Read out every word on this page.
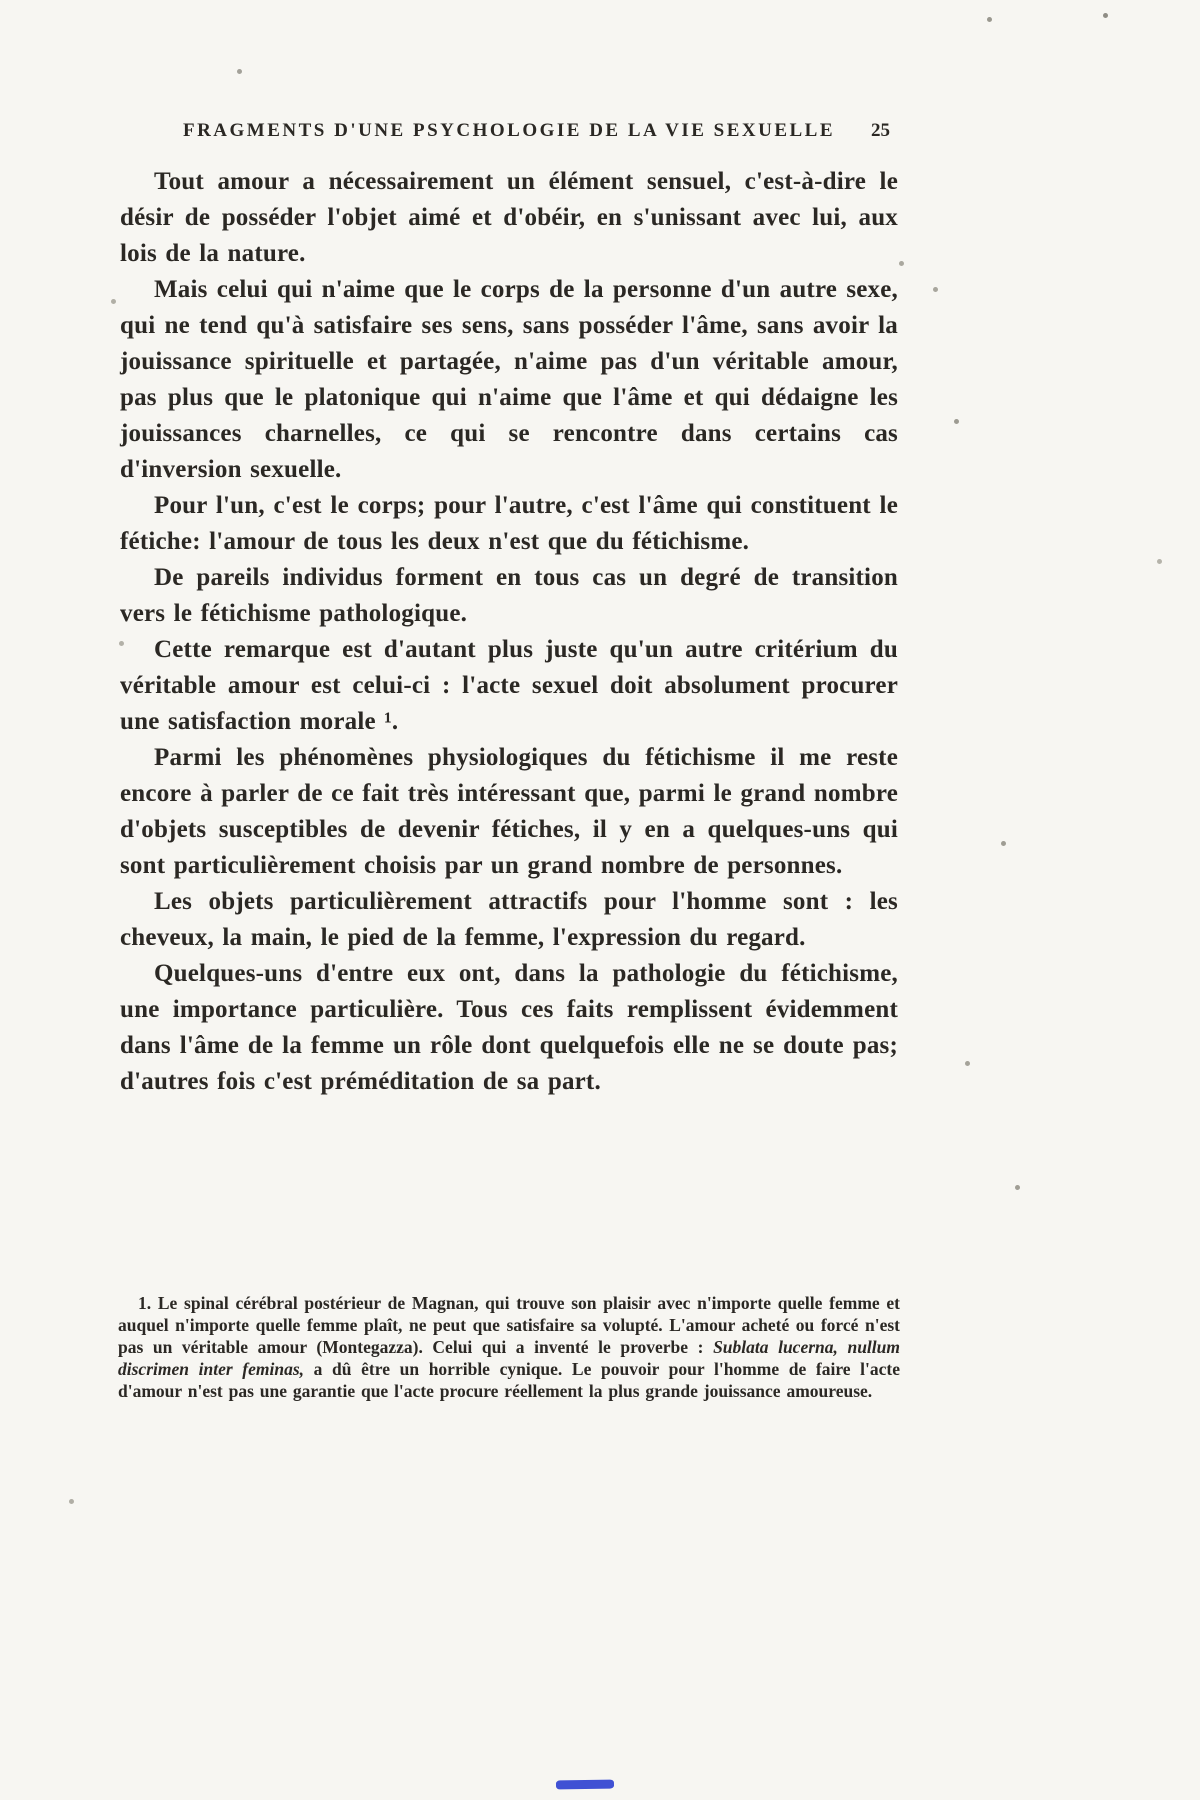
FRAGMENTS D'UNE PSYCHOLOGIE DE LA VIE SEXUELLE 25

Tout amour a nécessairement un élément sensuel, c'est-à-dire le désir de posséder l'objet aimé et d'obéir, en s'unissant avec lui, aux lois de la nature.

Mais celui qui n'aime que le corps de la personne d'un autre sexe, qui ne tend qu'à satisfaire ses sens, sans posséder l'âme, sans avoir la jouissance spirituelle et partagée, n'aime pas d'un véritable amour, pas plus que le platonique qui n'aime que l'âme et qui dédaigne les jouissances charnelles, ce qui se rencontre dans certains cas d'inversion sexuelle.

Pour l'un, c'est le corps; pour l'autre, c'est l'âme qui constituent le fétiche: l'amour de tous les deux n'est que du fétichisme.

De pareils individus forment en tous cas un degré de transition vers le fétichisme pathologique.

Cette remarque est d'autant plus juste qu'un autre critérium du véritable amour est celui-ci : l'acte sexuel doit absolument procurer une satisfaction morale ¹.

Parmi les phénomènes physiologiques du fétichisme il me reste encore à parler de ce fait très intéressant que, parmi le grand nombre d'objets susceptibles de devenir fétiches, il y en a quelques-uns qui sont particulièrement choisis par un grand nombre de personnes.

Les objets particulièrement attractifs pour l'homme sont : les cheveux, la main, le pied de la femme, l'expression du regard.

Quelques-uns d'entre eux ont, dans la pathologie du fétichisme, une importance particulière. Tous ces faits remplissent évidemment dans l'âme de la femme un rôle dont quelquefois elle ne se doute pas; d'autres fois c'est préméditation de sa part.

1. Le spinal cérébral postérieur de Magnan, qui trouve son plaisir avec n'importe quelle femme et auquel n'importe quelle femme plaît, ne peut que satisfaire sa volupté. L'amour acheté ou forcé n'est pas un véritable amour (Montegazza). Celui qui a inventé le proverbe : Sublata lucerna, nullum discrimen inter feminas, a dû être un horrible cynique. Le pouvoir pour l'homme de faire l'acte d'amour n'est pas une garantie que l'acte procure réellement la plus grande jouissance amoureuse.
